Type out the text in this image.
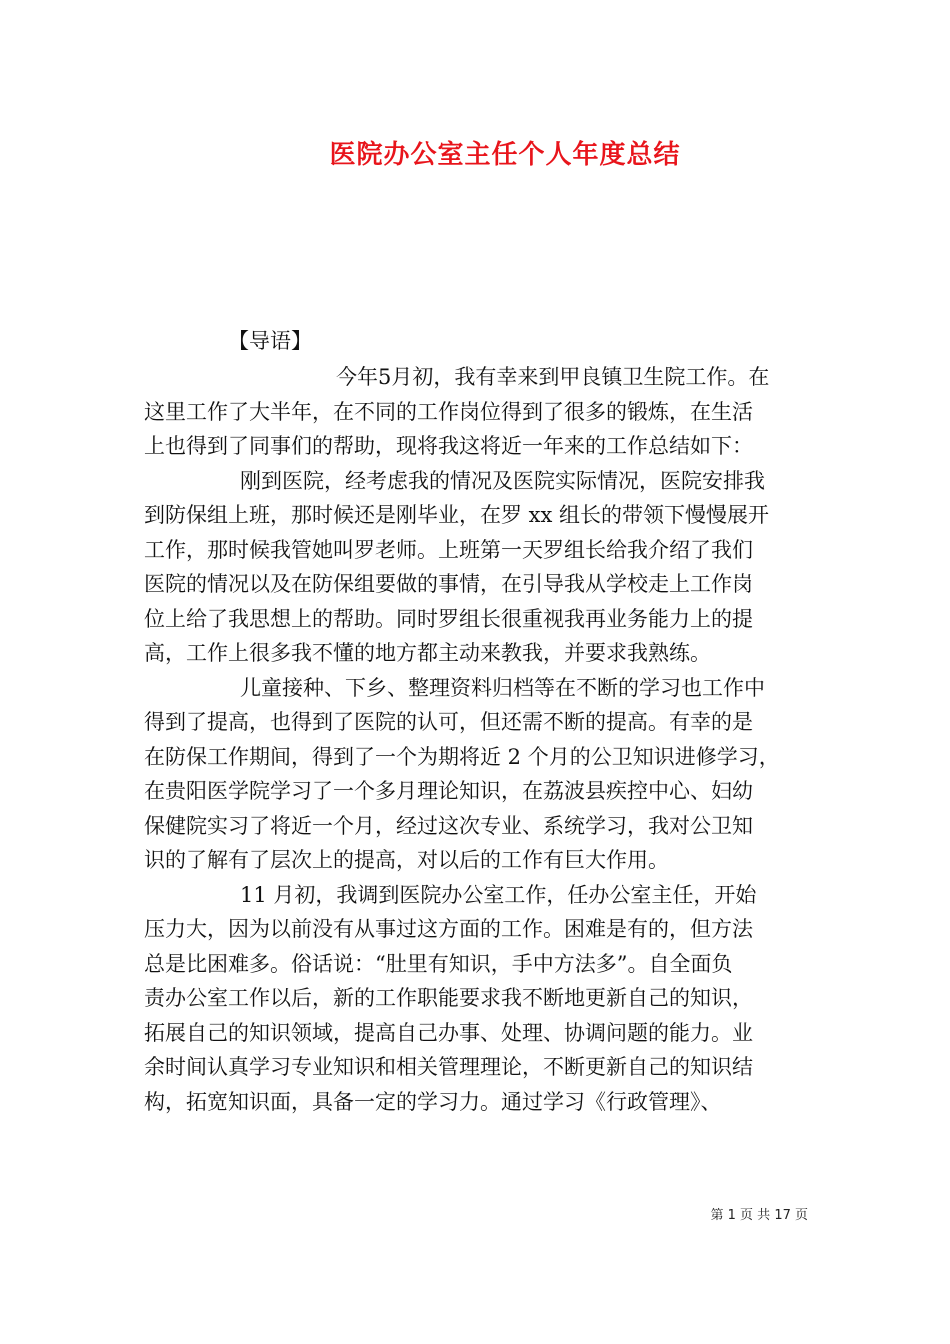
医院办公室主任个人年度总结
【导语】
今年5月初，我有幸来到甲良镇卫生院工作。在
这里工作了大半年，在不同的工作岗位得到了很多的锻炼，在生活
上也得到了同事们的帮助，现将我这将近一年来的工作总结如下：
刚到医院，经考虑我的情况及医院实际情况，医院安排我
到防保组上班，那时候还是刚毕业，在罗 xx 组长的带领下慢慢展开
工作，那时候我管她叫罗老师。上班第一天罗组长给我介绍了我们
医院的情况以及在防保组要做的事情，在引导我从学校走上工作岗
位上给了我思想上的帮助。同时罗组长很重视我再业务能力上的提
高，工作上很多我不懂的地方都主动来教我，并要求我熟练。
儿童接种、下乡、整理资料归档等在不断的学习也工作中
得到了提高，也得到了医院的认可，但还需不断的提高。有幸的是
在防保工作期间，得到了一个为期将近 2 个月的公卫知识进修学习，
在贵阳医学院学习了一个多月理论知识，在荔波县疾控中心、妇幼
保健院实习了将近一个月，经过这次专业、系统学习，我对公卫知
识的了解有了层次上的提高，对以后的工作有巨大作用。
11 月初，我调到医院办公室工作，任办公室主任，开始
压力大，因为以前没有从事过这方面的工作。困难是有的，但方法
总是比困难多。俗话说：“肚里有知识，手中方法多”。自全面负
责办公室工作以后，新的工作职能要求我不断地更新自己的知识，
拓展自己的知识领域，提高自己办事、处理、协调问题的能力。业
余时间认真学习专业知识和相关管理理论，不断更新自己的知识结
构，拓宽知识面，具备一定的学习力。通过学习《行政管理》、
第 1 页 共 17 页
